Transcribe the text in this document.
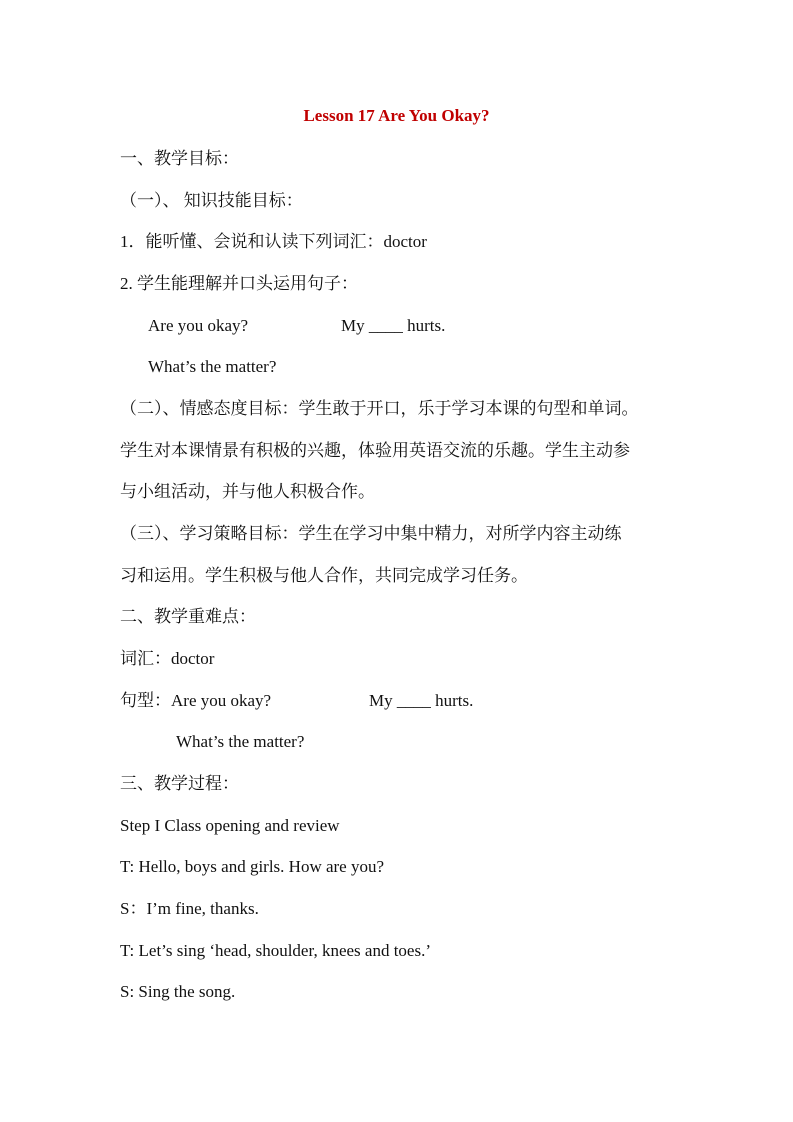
Lesson 17 Are You Okay?
一、教学目标：
（一）、 知识技能目标：
1．能听懂、会说和认读下列词汇：doctor
2. 学生能理解并口头运用句子：
Are you okay?	My ____ hurts.
What’s the matter?
（二）、情感态度目标：学生敢于开口，乐于学习本课的句型和单词。
学生对本课情景有积极的兴趣，体验用英语交流的乐趣。学生主动参
与小组活动，并与他人积极合作。
（三）、学习策略目标：学生在学习中集中精力，对所学内容主动练
习和运用。学生积极与他人合作，共同完成学习任务。
二、教学重难点：
词汇：doctor
句型：Are you okay?	My ____ hurts.
What’s the matter?
三、教学过程：
Step I Class opening and review
T: Hello, boys and girls. How are you?
S：I’m fine, thanks.
T: Let’s sing ‘head, shoulder, knees and toes.’
S: Sing the song.
